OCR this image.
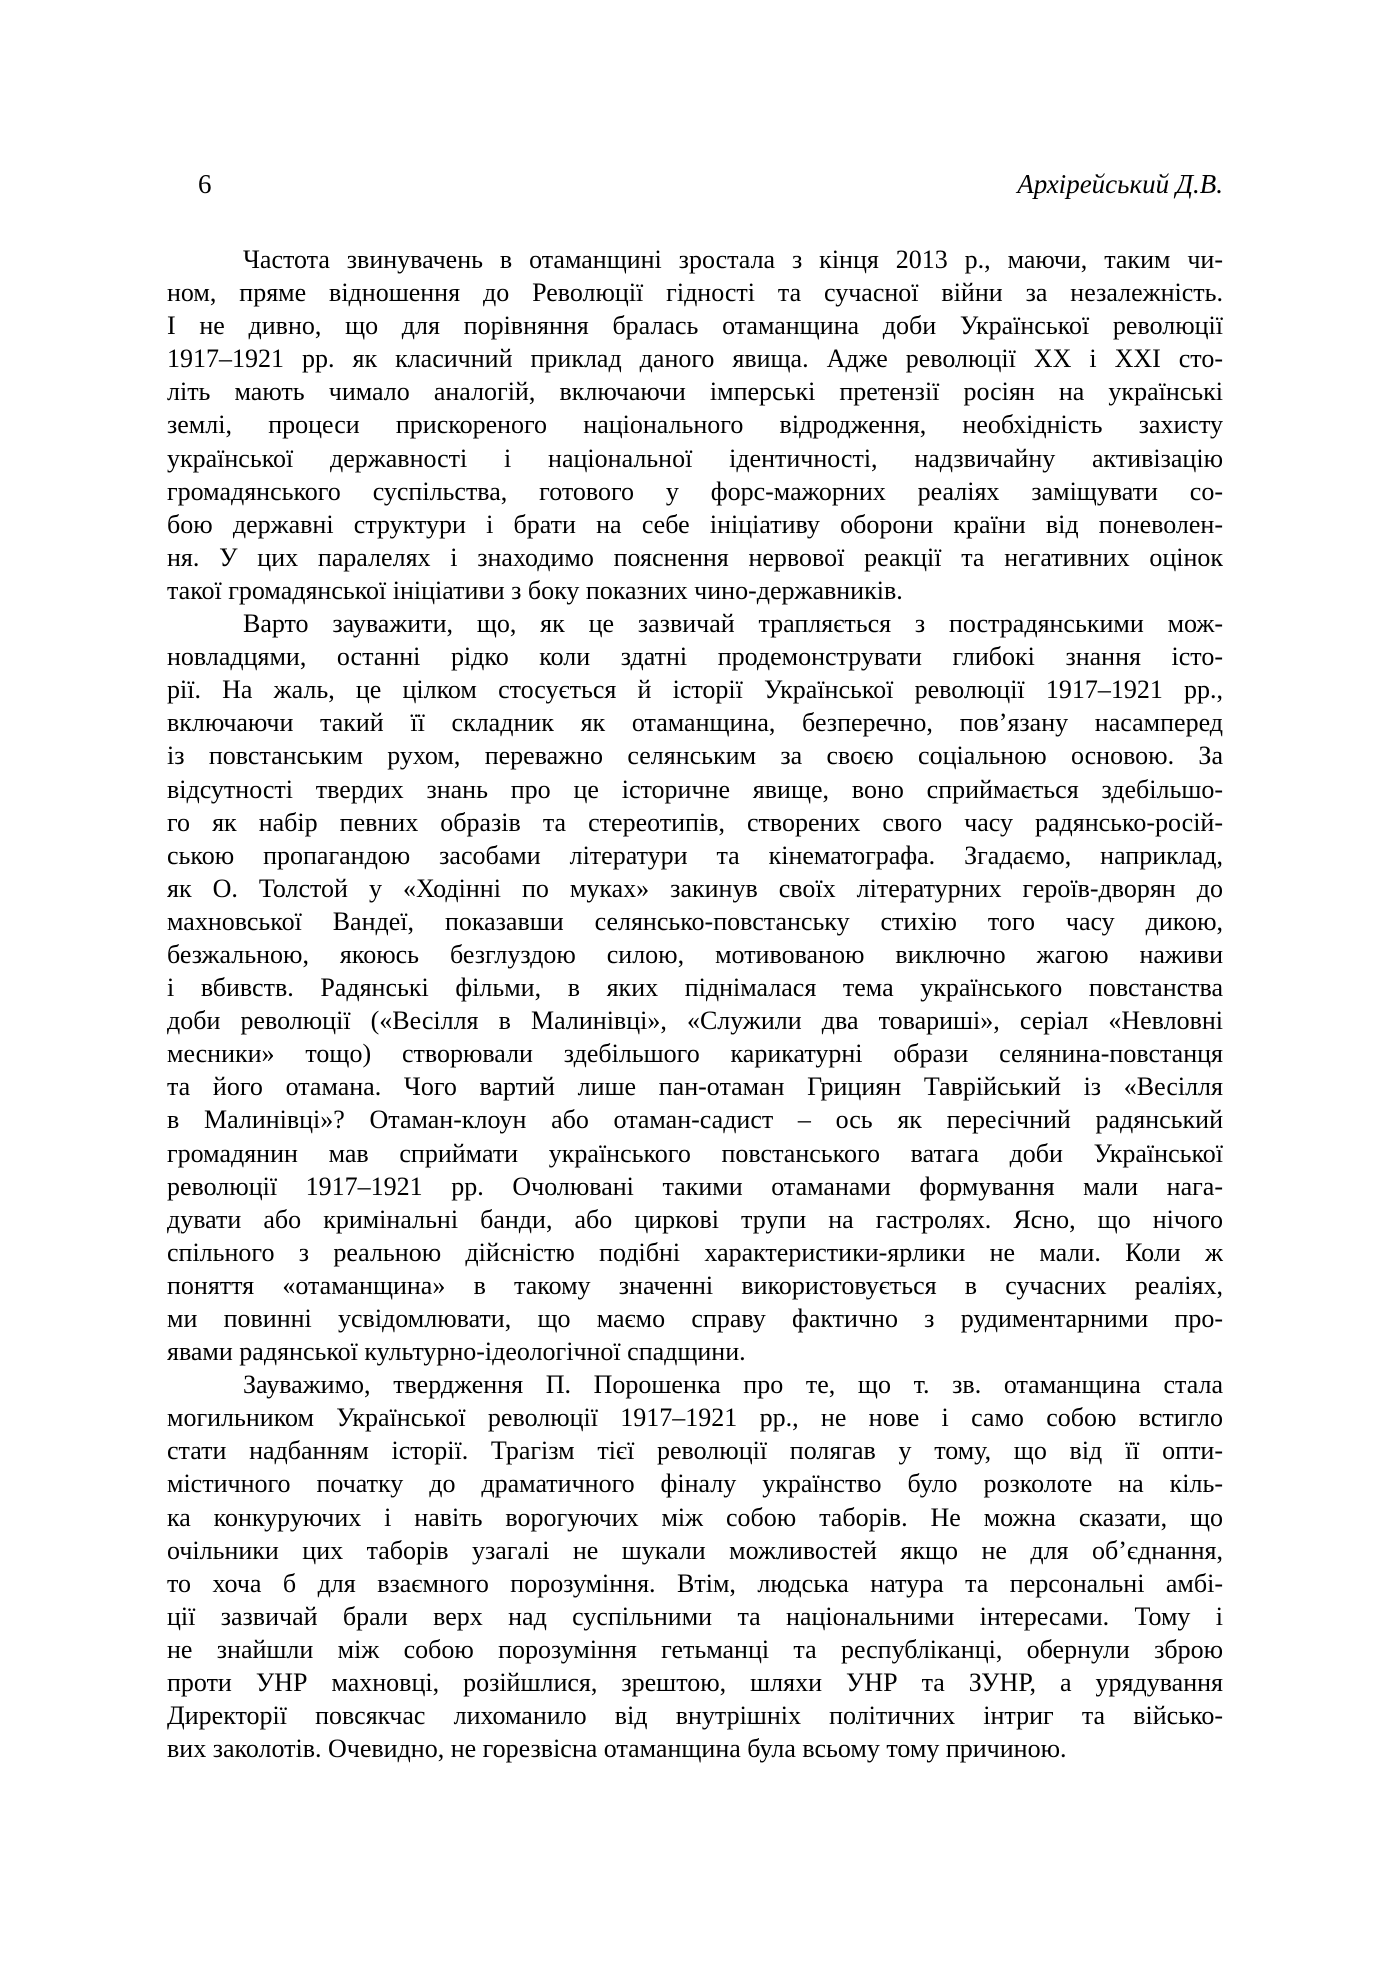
6	Архірейський Д.В.
Частота звинувачень в отаманщині зростала з кінця 2013 р., маючи, таким чи-
ном, пряме відношення до Революції гідності та сучасної війни за незалежність.
І не дивно, що для порівняння бралась отаманщина доби Української революції
1917–1921 рр. як класичний приклад даного явища. Адже революції XX і XXI сто-
літь мають чимало аналогій, включаючи імперські претензії росіян на українські
землі, процеси прискореного національного відродження, необхідність захисту
української державності і національної ідентичності, надзвичайну активізацію
громадянського суспільства, готового у форс-мажорних реаліях заміщувати со-
бою державні структури і брати на себе ініціативу оборони країни від поневолен-
ня. У цих паралелях і знаходимо пояснення нервової реакції та негативних оцінок
такої громадянської ініціативи з боку показних чино-державників.
Варто зауважити, що, як це зазвичай трапляється з пострадянськими мож-
новладцями, останні рідко коли здатні продемонструвати глибокі знання істо-
рії. На жаль, це цілком стосується й історії Української революції 1917–1921 рр.,
включаючи такий її складник як отаманщина, безперечно, пов’язану насамперед
із повстанським рухом, переважно селянським за своєю соціальною основою. За
відсутності твердих знань про це історичне явище, воно сприймається здебільшо-
го як набір певних образів та стереотипів, створених свого часу радянсько-росій-
ською пропагандою засобами літератури та кінематографа. Згадаємо, наприклад,
як О. Толстой у «Ходінні по муках» закинув своїх літературних героїв-дворян до
махновської Вандеї, показавши селянсько-повстанську стихію того часу дикою,
безжальною, якоюсь безглуздою силою, мотивованою виключно жагою наживи
і вбивств. Радянські фільми, в яких піднімалася тема українського повстанства
доби революції («Весілля в Малинівці», «Служили два товариші», серіал «Невловні
месники» тощо) створювали здебільшого карикатурні образи селянина-повстанця
та його отамана. Чого вартий лише пан-отаман Грициян Таврійський із «Весілля
в Малинівці»? Отаман-клоун або отаман-садист – ось як пересічний радянський
громадянин мав сприймати українського повстанського ватага доби Української
революції 1917–1921 рр. Очолювані такими отаманами формування мали нага-
дувати або кримінальні банди, або циркові трупи на гастролях. Ясно, що нічого
спільного з реальною дійсністю подібні характеристики-ярлики не мали. Коли ж
поняття «отаманщина» в такому значенні використовується в сучасних реаліях,
ми повинні усвідомлювати, що маємо справу фактично з рудиментарними про-
явами радянської культурно-ідеологічної спадщини.
Зауважимо, твердження П. Порошенка про те, що т. зв. отаманщина стала
могильником Української революції 1917–1921 рр., не нове і само собою встигло
стати надбанням історії. Трагізм тієї революції полягав у тому, що від її опти-
містичного початку до драматичного фіналу українство було розколоте на кіль-
ка конкуруючих і навіть ворогуючих між собою таборів. Не можна сказати, що
очільники цих таборів узагалі не шукали можливостей якщо не для об’єднання,
то хоча б для взаємного порозуміння. Втім, людська натура та персональні амбі-
ції зазвичай брали верх над суспільними та національними інтересами. Тому і
не знайшли між собою порозуміння гетьманці та республіканці, обернули зброю
проти УНР махновці, розійшлися, зрештою, шляхи УНР та ЗУНР, а урядування
Директорії повсякчас лихоманило від внутрішніх політичних інтриг та військо-
вих заколотів. Очевидно, не горезвісна отаманщина була всьому тому причиною.
